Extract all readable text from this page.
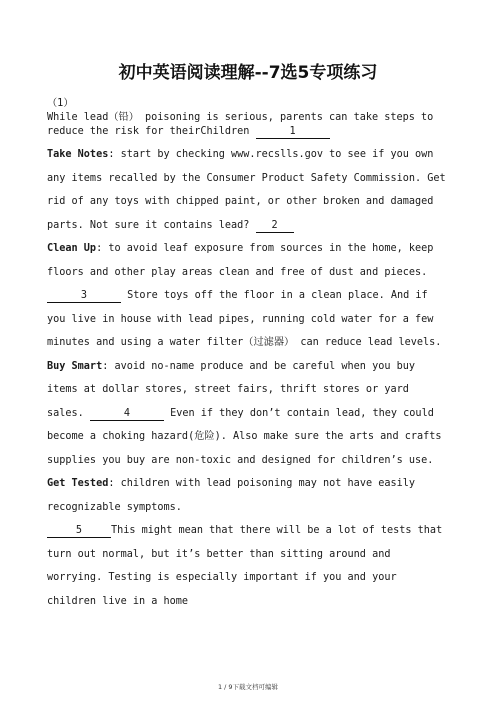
初中英语阅读理解--7选5专项练习

（1）

While lead（铅） poisoning is serious, parents can take steps to reduce the risk for theirChildren	1

Take Notes: start by checking www.recslls.gov to see if you own any items recalled by the Consumer Product Safety Commission. Get rid of any toys with chipped paint, or other broken and damaged parts. Not sure it contains lead? 2

Clean Up: to avoid leaf exposure from sources in the home, keep floors and other play areas clean and free of dust and pieces. 3	Store toys off the floor in a clean place. And if you live in house with lead pipes, running cold water for a few minutes and using a water filter（过滤器） can reduce lead levels.

Buy Smart: avoid no-name produce and be careful when you buy items at dollar stores, street fairs, thrift stores or yard sales.	4	Even if they don’t contain lead, they could become a choking hazard(危险). Also make sure the arts and crafts supplies you buy are non-toxic and designed for children’s use.

Get Tested: children with lead poisoning may not have easily recognizable symptoms.

5	This might mean that there will be a lot of tests that turn out normal, but it’s better than sitting around and worrying. Testing is especially important if you and your children live in a home

1 / 9下载文档可编辑
